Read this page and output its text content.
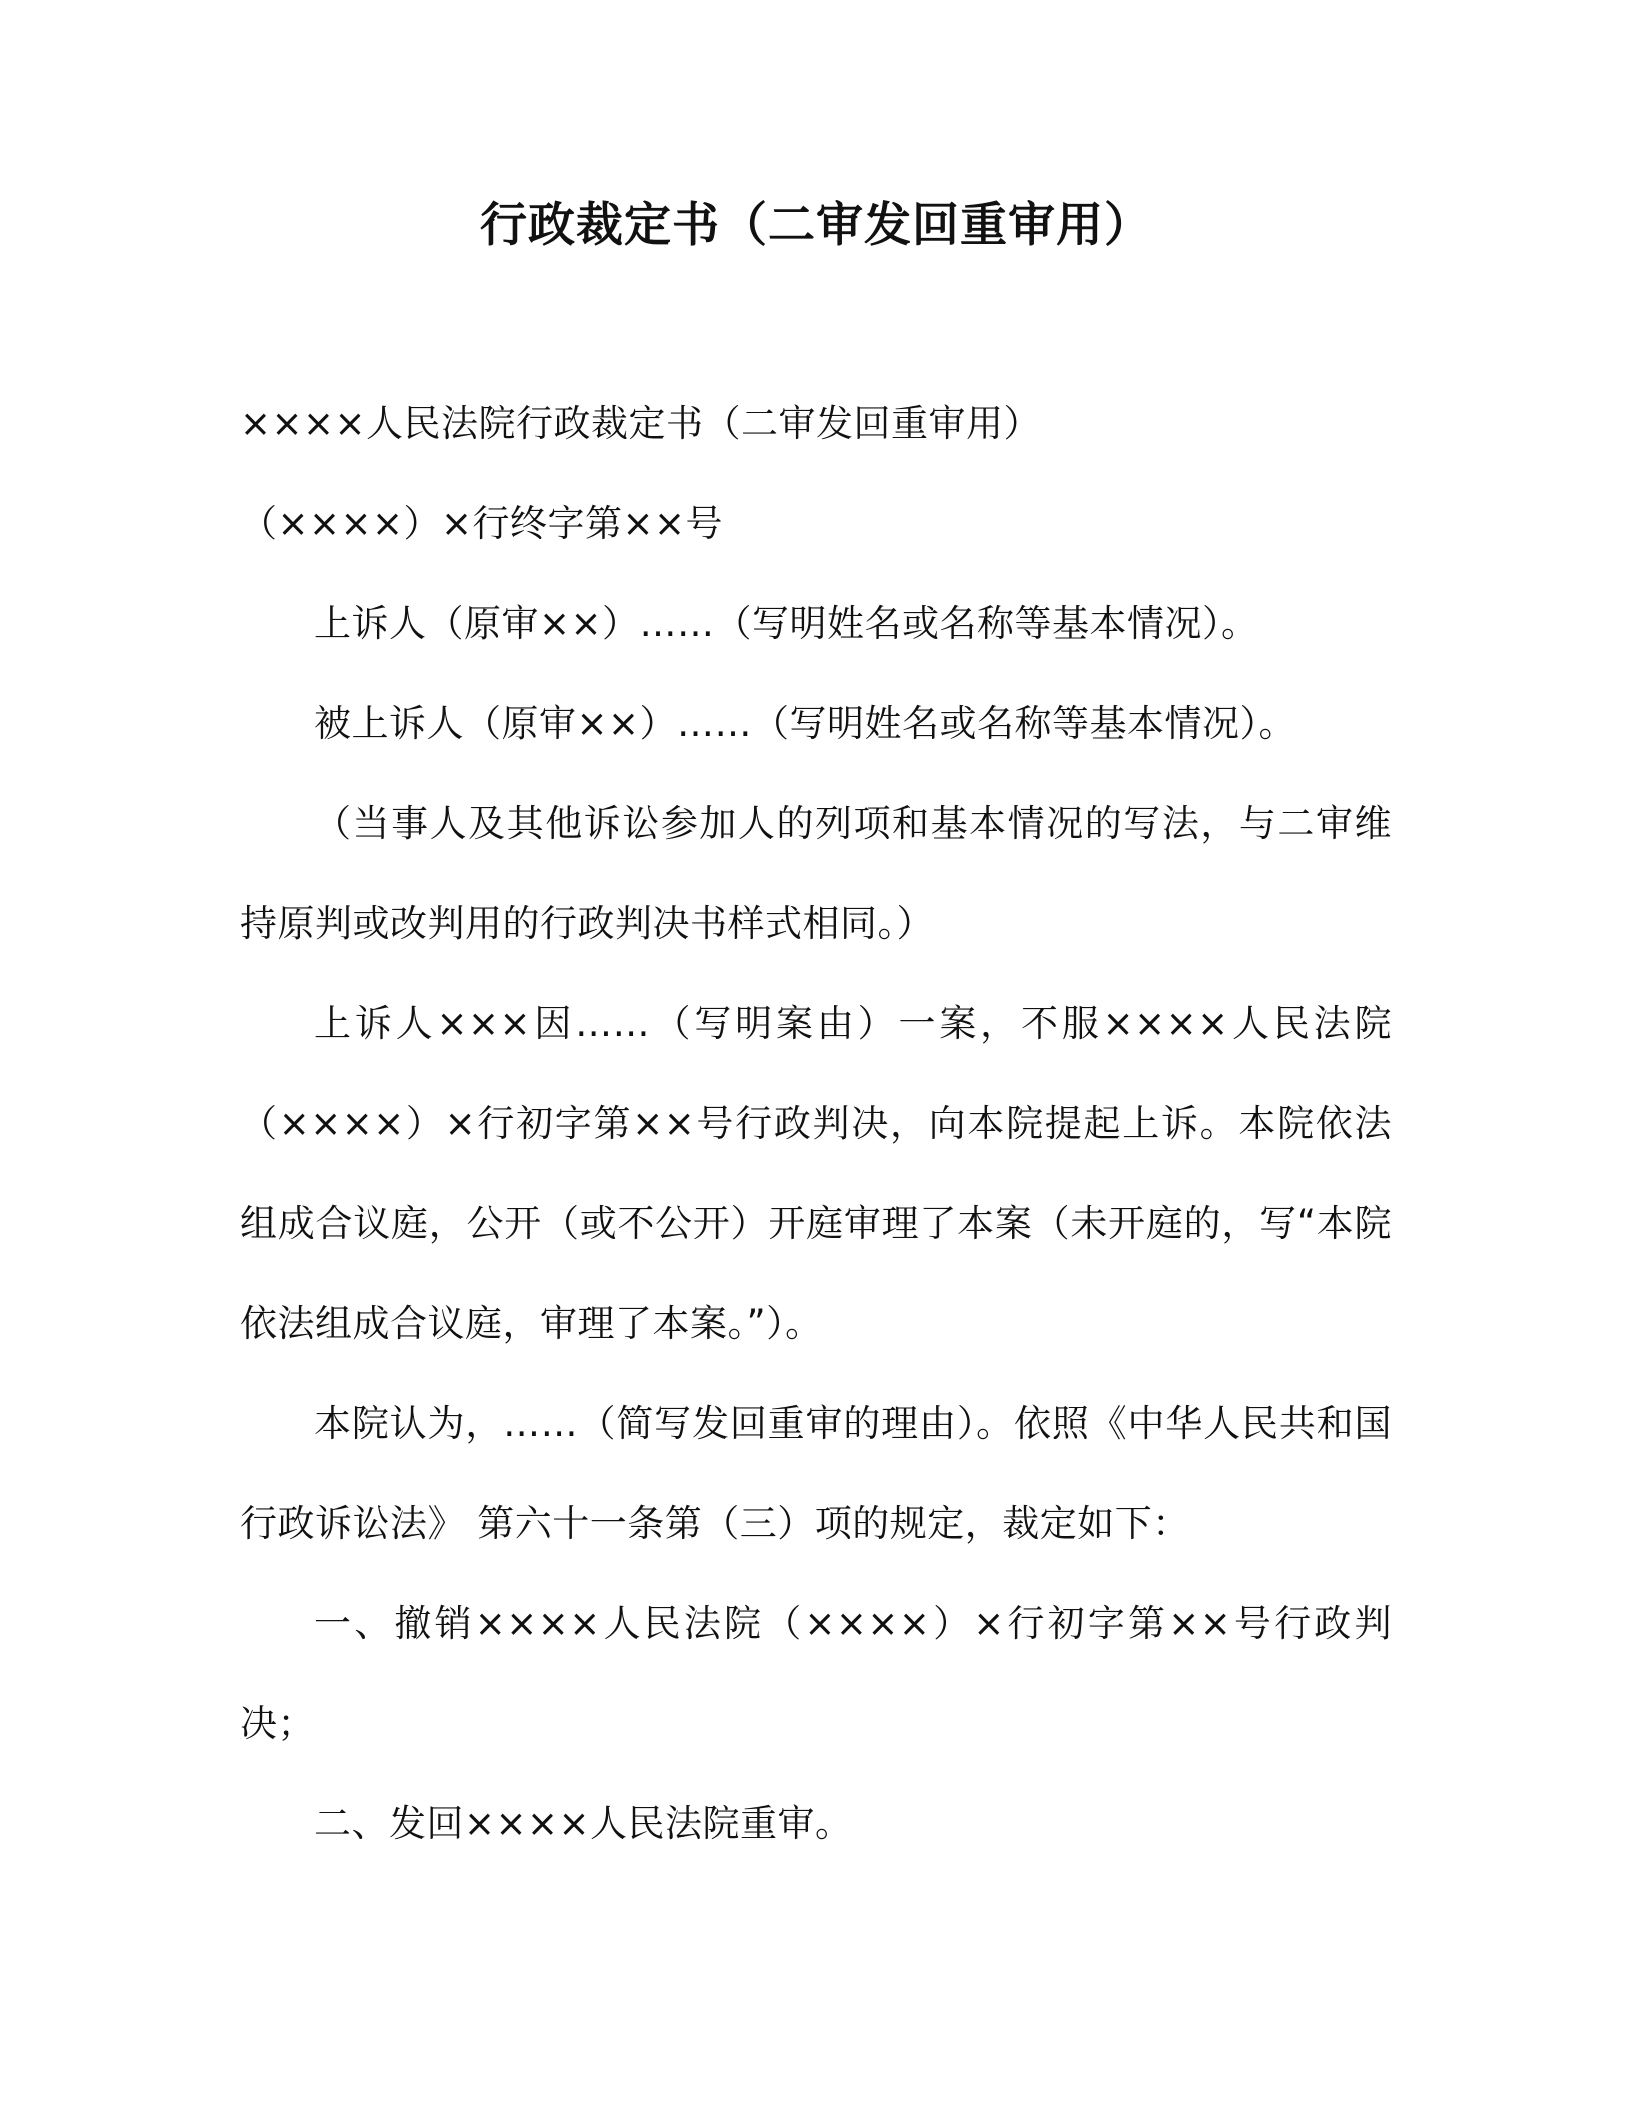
行政裁定书（二审发回重审用）

××××人民法院行政裁定书（二审发回重审用）

（××××）×行终字第××号

上诉人（原审××）……（写明姓名或名称等基本情况）。

被上诉人（原审××）……（写明姓名或名称等基本情况）。

（当事人及其他诉讼参加人的列项和基本情况的写法，与二审维持原判或改判用的行政判决书样式相同。）

上诉人×××因……（写明案由）一案，不服××××人民法院（××××）×行初字第××号行政判决，向本院提起上诉。本院依法组成合议庭，公开（或不公开）开庭审理了本案（未开庭的，写“本院依法组成合议庭，审理了本案。”）。

本院认为，……（简写发回重审的理由）。依照《中华人民共和国行政诉讼法》 第六十一条第（三）项的规定，裁定如下：

一、撤销××××人民法院（××××）×行初字第××号行政判决；

二、发回××××人民法院重审。
